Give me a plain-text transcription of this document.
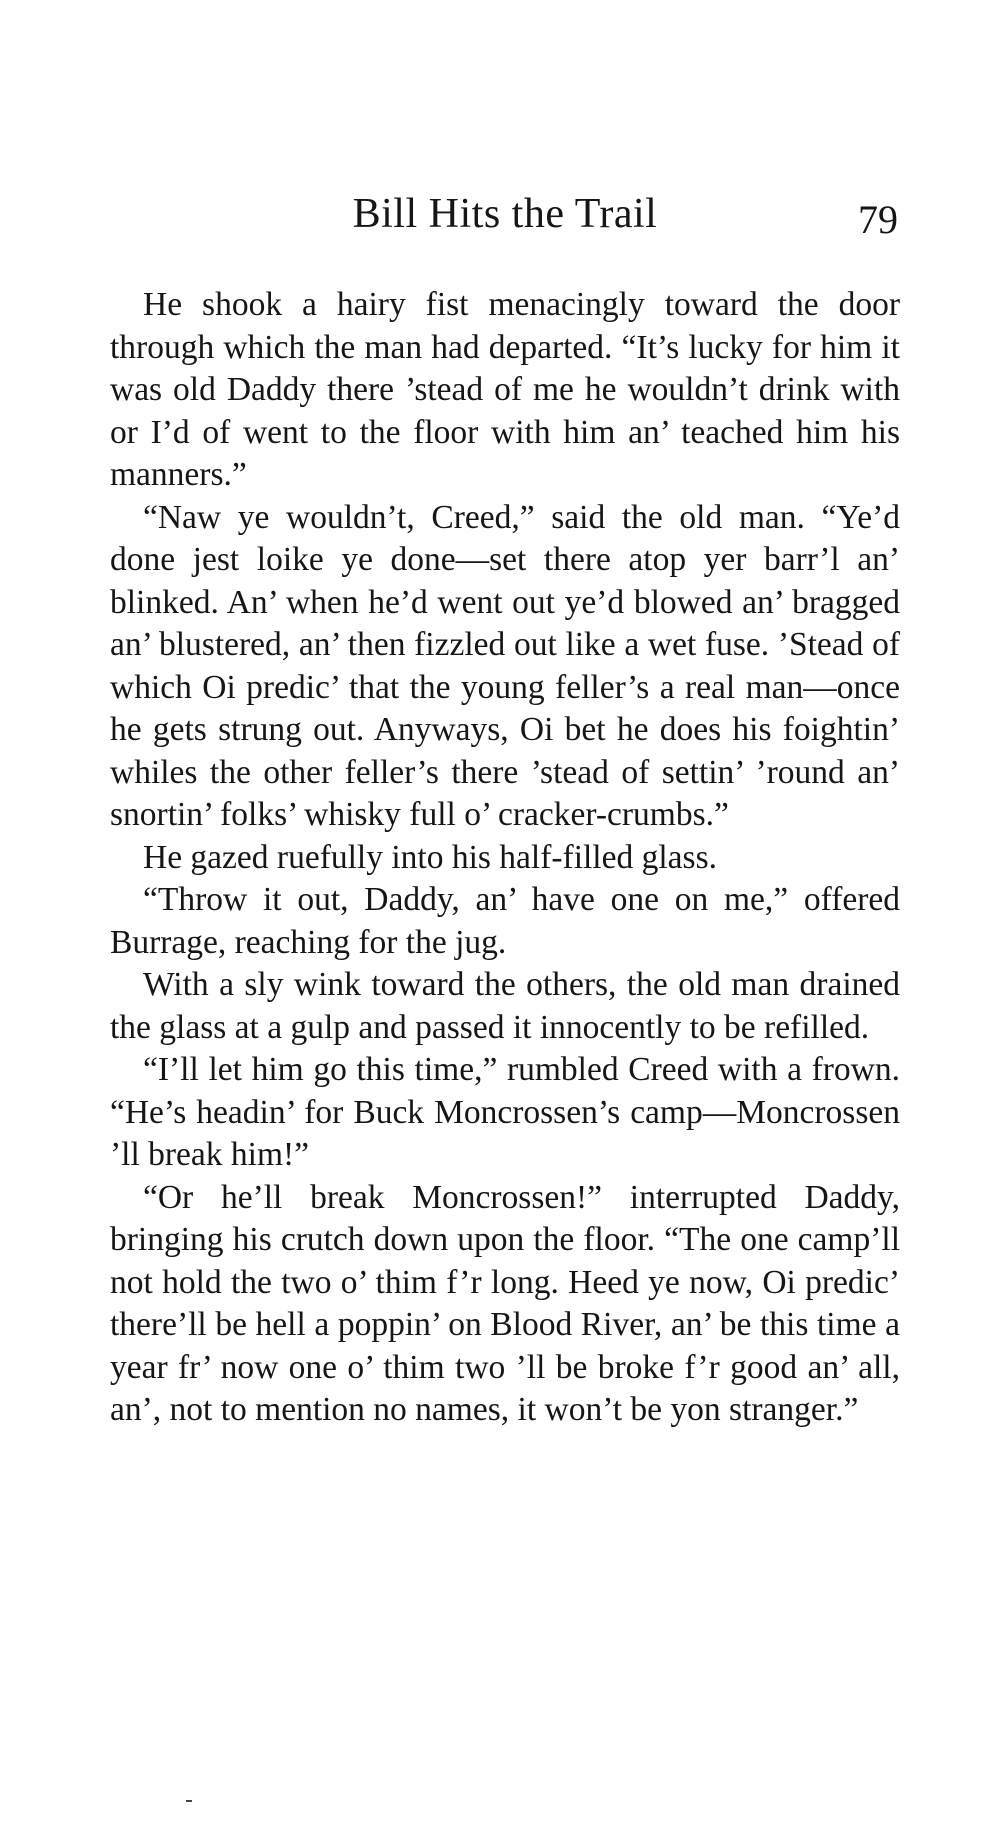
Bill Hits the Trail	79

He shook a hairy fist menacingly toward the door through which the man had departed. “It’s lucky for him it was old Daddy there ’stead of me he wouldn’t drink with or I’d of went to the floor with him an’ teached him his manners.”

“Naw ye wouldn’t, Creed,” said the old man. “Ye’d done jest loike ye done—set there atop yer barr’l an’ blinked. An’ when he’d went out ye’d blowed an’ bragged an’ blustered, an’ then fizzled out like a wet fuse. ’Stead of which Oi predic’ that the young feller’s a real man—once he gets strung out. Anyways, Oi bet he does his foightin’ whiles the other feller’s there ’stead of settin’ ’round an’ snortin’ folks’ whisky full o’ cracker-crumbs.”

He gazed ruefully into his half-filled glass.

“Throw it out, Daddy, an’ have one on me,” offered Burrage, reaching for the jug.

With a sly wink toward the others, the old man drained the glass at a gulp and passed it innocently to be refilled.

“I’ll let him go this time,” rumbled Creed with a frown. “He’s headin’ for Buck Moncrossen’s camp—Moncrossen ’ll break him!”

“Or he’ll break Moncrossen!” interrupted Daddy, bringing his crutch down upon the floor. “The one camp’ll not hold the two o’ thim f’r long. Heed ye now, Oi predic’ there’ll be hell a poppin’ on Blood River, an’ be this time a year fr’ now one o’ thim two ’ll be broke f’r good an’ all, an’, not to mention no names, it won’t be yon stranger.”
